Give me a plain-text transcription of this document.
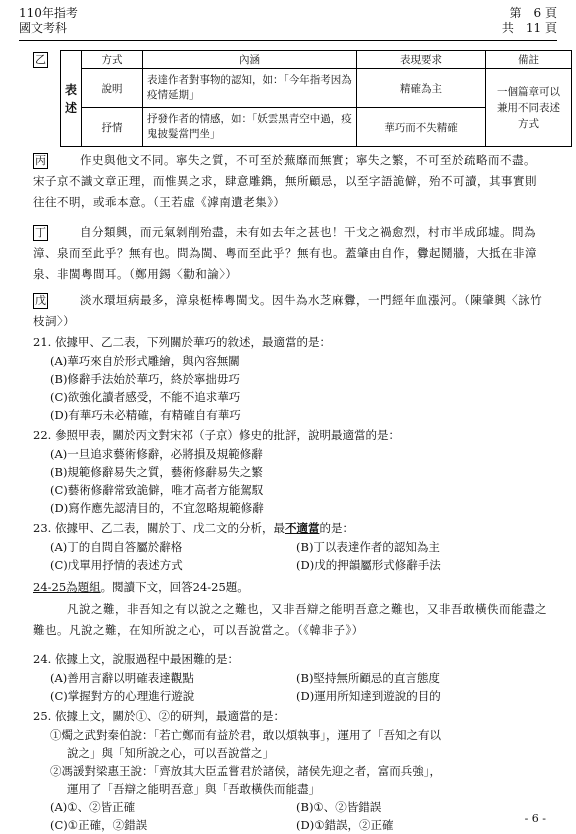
110年指考
國文考科
第　6 頁
共　11 頁
乙
表述	方式	內涵	表現要求	備註
	說明	表達作者對事物的認知，如：「今年指考因為疫情延期」	精確為主	一個篇章可以兼用不同表述方式
	抒情	抒發作者的情感，如：「妖雲黑青空中過，疫鬼披髮當門坐」	華巧而不失精確	
丙	作史與他文不同。寧失之質，不可至於蕪靡而無實；寧失之繁，不可至於疏略而不盡。宋子京不識文章正理，而惟異之求，肆意雕鐫，無所顧忌，以至字語詭僻，殆不可讀，其事實則往往不明，或乖本意。（王若虛《滹南遺老集》）
丁	自分類興，而元氣剝削殆盡，未有如去年之甚也！干戈之禍愈烈，村市半成邱墟。問為漳、泉而至此乎？無有也。問為閩、粵而至此乎？無有也。蓋肇由自作，釁起鬩牆，大抵在非漳泉、非閩粵間耳。（鄭用錫〈勸和論〉）
戊	淡水環垣病最多，漳泉梃棒粵閩戈。因牛為水芝麻釁，一門經年血漲河。（陳肇興〈詠竹枝詞〉）
21. 依據甲、乙二表，下列關於華巧的敘述，最適當的是：
(A)華巧來自於形式雕繪，與內容無關
(B)修辭手法始於華巧，終於寧拙毋巧
(C)欲強化讀者感受，不能不追求華巧
(D)有華巧未必精確，有精確自有華巧
22. 參照甲表，關於丙文對宋祁（子京）修史的批評，說明最適當的是：
(A)一旦追求藝術修辭，必將損及規範修辭
(B)規範修辭易失之質，藝術修辭易失之繁
(C)藝術修辭常致詭僻，唯才高者方能駕馭
(D)寫作應先認清目的，不宜忽略規範修辭
23. 依據甲、乙二表，關於丁、戊二文的分析，最不適當的是：
(A)丁的自問自答屬於辭格	(B)丁以表達作者的認知為主
(C)戊單用抒情的表述方式	(D)戊的押韻屬形式修辭手法
24-25為題組。閱讀下文，回答24-25題。
凡說之難，非吾知之有以說之之難也，又非吾辯之能明吾意之難也，又非吾敢橫佚而能盡之難也。凡說之難，在知所說之心，可以吾說當之。（《韓非子》）
24. 依據上文，說服過程中最困難的是：
(A)善用言辭以明確表達觀點	(B)堅持無所顧忌的直言態度
(C)掌握對方的心理進行遊說	(D)運用所知達到遊說的目的
25. 依據上文，關於①、②的研判，最適當的是：
①燭之武對秦伯說：「若亡鄭而有益於君，敢以煩執事」，運用了「吾知之有以
說之」與「知所說之心，可以吾說當之」
②馮諼對梁惠王說：「齊放其大臣孟嘗君於諸侯，諸侯先迎之者，富而兵強」，
運用了「吾辯之能明吾意」與「吾敢橫佚而能盡」
(A)①、②皆正確	(B)①、②皆錯誤
(C)①正確，②錯誤	(D)①錯誤，②正確	- 6 -
